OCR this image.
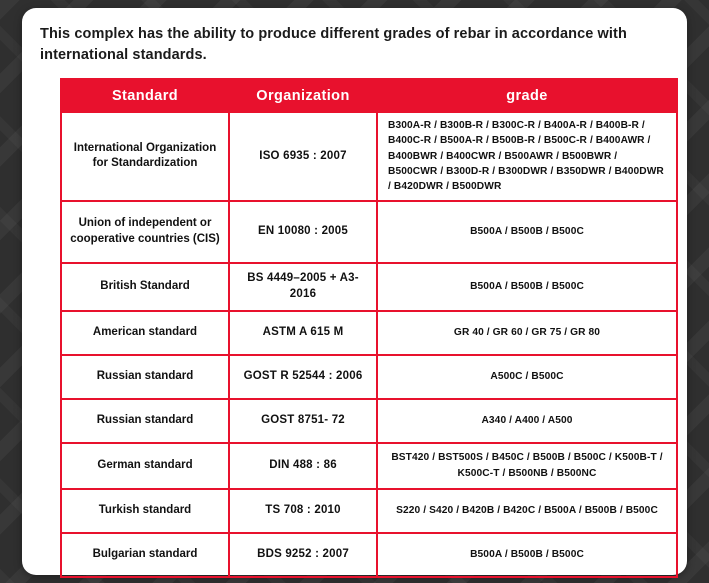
This complex has the ability to produce different grades of rebar in accordance with international standards.
Standard	Organization	grade
International Organization for Standardization	ISO 6935 : 2007	B300A-R / B300B-R / B300C-R / B400A-R / B400B-R / B400C-R / B500A-R / B500B-R / B500C-R / B400AWR / B400BWR / B400CWR / B500AWR / B500BWR / B500CWR / B300D-R / B300DWR / B350DWR / B400DWR / B420DWR / B500DWR
Union of independent or cooperative countries (CIS)	EN 10080 : 2005	B500A / B500B / B500C
British Standard	BS 4449–2005 + A3- 2016	B500A / B500B / B500C
American standard	ASTM A 615 M	GR 40 / GR 60 / GR 75 / GR 80
Russian standard	GOST R 52544 : 2006	A500C / B500C
Russian standard	GOST 8751- 72	A340 / A400 / A500
German standard	DIN 488 : 86	BST420 / BST500S / B450C / B500B / B500C / K500B-T / K500C-T / B500NB / B500NC
Turkish standard	TS 708 : 2010	S220 / S420 / B420B / B420C / B500A / B500B / B500C
Bulgarian standard	BDS 9252 : 2007	B500A / B500B / B500C
